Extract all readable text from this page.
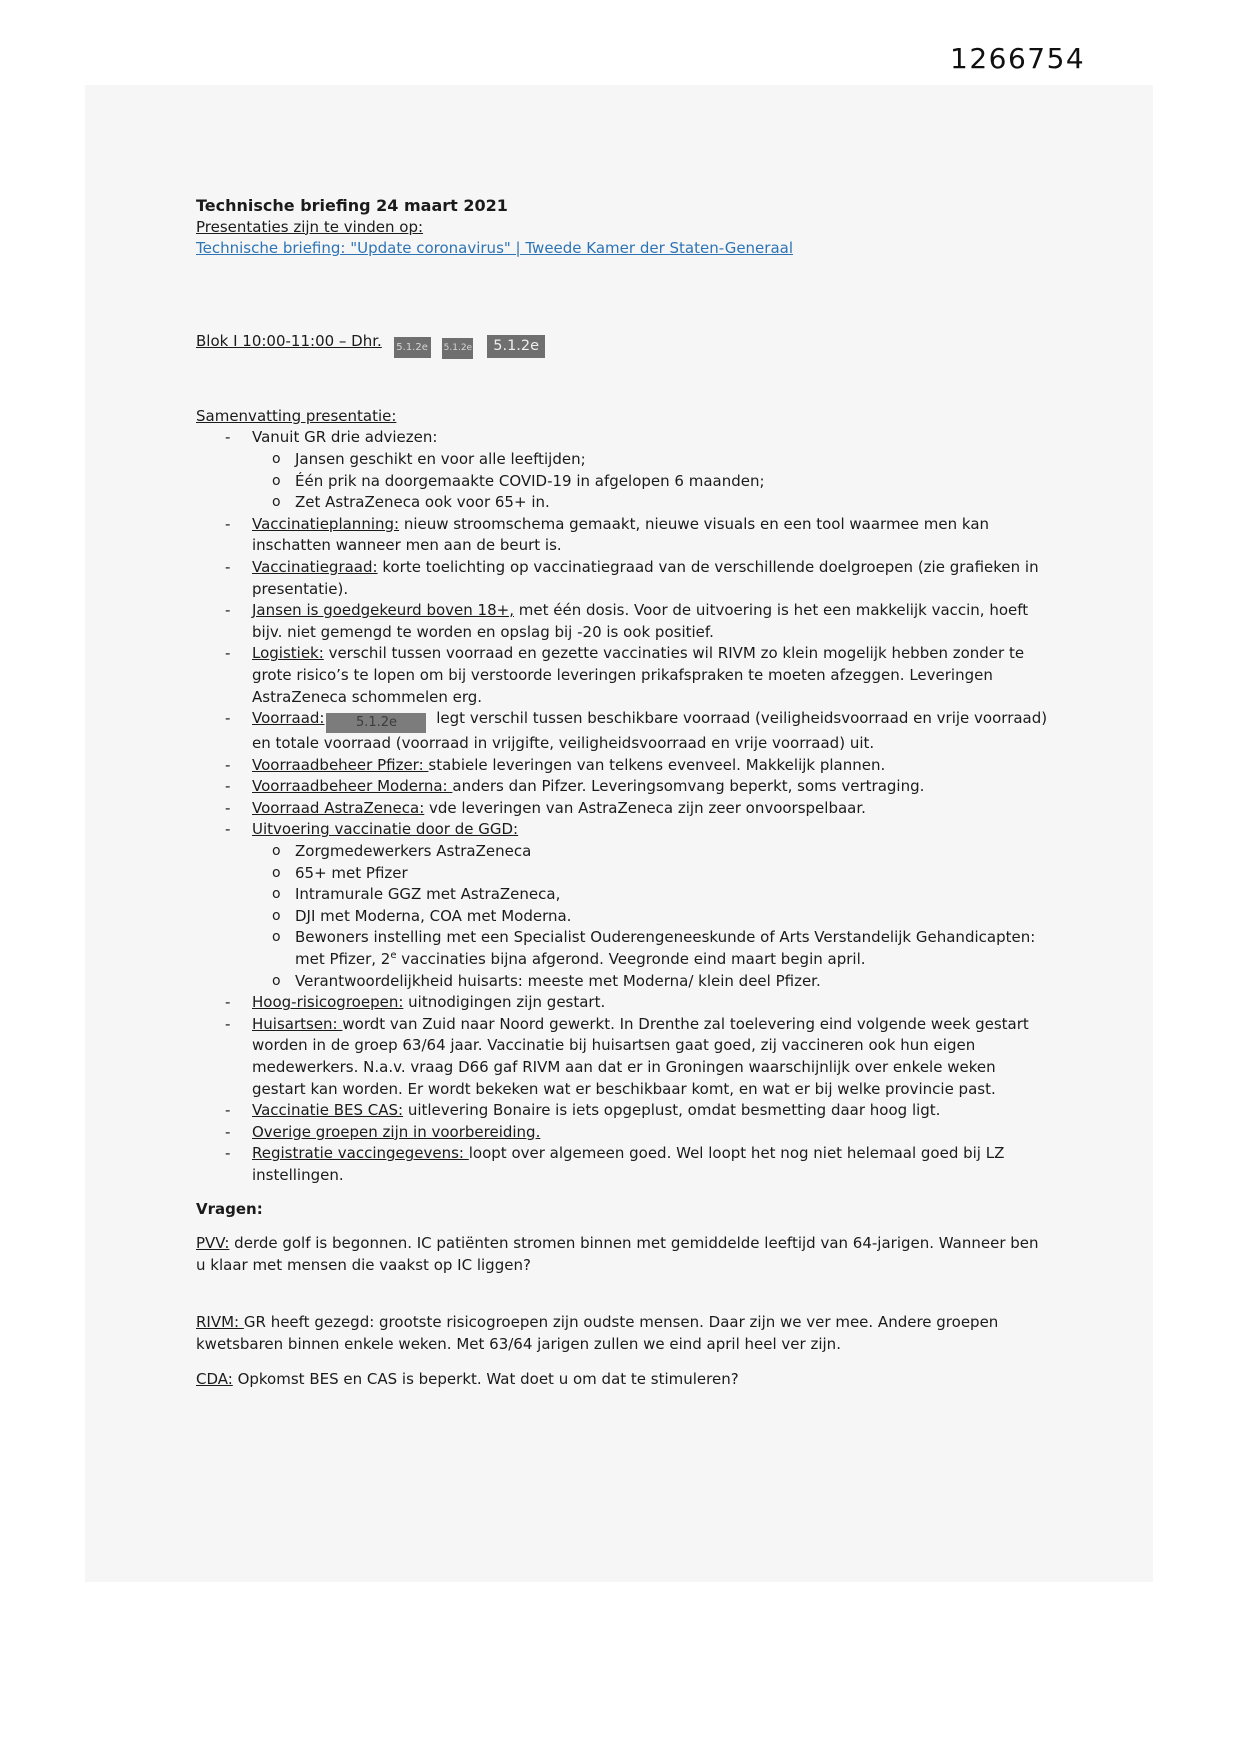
1266754
Technische briefing 24 maart 2021
Presentaties zijn te vinden op:
Technische briefing: "Update coronavirus" | Tweede Kamer der Staten-Generaal
Blok I 10:00-11:00 – Dhr. 5.1.2e 5.1.2e 5.1.2e
Samenvatting presentatie:
-	Vanuit GR drie adviezen:
o Jansen geschikt en voor alle leeftijden;
o Één prik na doorgemaakte COVID-19 in afgelopen 6 maanden;
o Zet AstraZeneca ook voor 65+ in.
-	Vaccinatieplanning: nieuw stroomschema gemaakt, nieuwe visuals en een tool waarmee men kan inschatten wanneer men aan de beurt is.
-	Vaccinatiegraad: korte toelichting op vaccinatiegraad van de verschillende doelgroepen (zie grafieken in presentatie).
-	Jansen is goedgekeurd boven 18+, met één dosis. Voor de uitvoering is het een makkelijk vaccin, hoeft bijv. niet gemengd te worden en opslag bij -20 is ook positief.
-	Logistiek: verschil tussen voorraad en gezette vaccinaties wil RIVM zo klein mogelijk hebben zonder te grote risico’s te lopen om bij verstoorde leveringen prikafspraken te moeten afzeggen. Leveringen AstraZeneca schommelen erg.
-	Voorraad: 5.1.2e legt verschil tussen beschikbare voorraad (veiligheidsvoorraad en vrije voorraad) en totale voorraad (voorraad in vrijgifte, veiligheidsvoorraad en vrije voorraad) uit.
-	Voorraadbeheer Pfizer: stabiele leveringen van telkens evenveel. Makkelijk plannen.
-	Voorraadbeheer Moderna: anders dan Pifzer. Leveringsomvang beperkt, soms vertraging.
-	Voorraad AstraZeneca: vde leveringen van AstraZeneca zijn zeer onvoorspelbaar.
-	Uitvoering vaccinatie door de GGD:
o Zorgmedewerkers AstraZeneca
o 65+ met Pfizer
o Intramurale GGZ met AstraZeneca,
o DJI met Moderna, COA met Moderna.
o Bewoners instelling met een Specialist Ouderengeneeskunde of Arts Verstandelijk Gehandicapten: met Pfizer, 2e vaccinaties bijna afgerond. Veegronde eind maart begin april.
o Verantwoordelijkheid huisarts: meeste met Moderna/ klein deel Pfizer.
-	Hoog-risicogroepen: uitnodigingen zijn gestart.
-	Huisartsen: wordt van Zuid naar Noord gewerkt. In Drenthe zal toelevering eind volgende week gestart worden in de groep 63/64 jaar. Vaccinatie bij huisartsen gaat goed, zij vaccineren ook hun eigen medewerkers. N.a.v. vraag D66 gaf RIVM aan dat er in Groningen waarschijnlijk over enkele weken gestart kan worden. Er wordt bekeken wat er beschikbaar komt, en wat er bij welke provincie past.
-	Vaccinatie BES CAS: uitlevering Bonaire is iets opgeplust, omdat besmetting daar hoog ligt.
-	Overige groepen zijn in voorbereiding.
-	Registratie vaccingegevens: loopt over algemeen goed. Wel loopt het nog niet helemaal goed bij LZ instellingen.
Vragen:
PVV: derde golf is begonnen. IC patiënten stromen binnen met gemiddelde leeftijd van 64-jarigen. Wanneer ben u klaar met mensen die vaakst op IC liggen?
RIVM: GR heeft gezegd: grootste risicogroepen zijn oudste mensen. Daar zijn we ver mee. Andere groepen kwetsbaren binnen enkele weken. Met 63/64 jarigen zullen we eind april heel ver zijn.
CDA: Opkomst BES en CAS is beperkt. Wat doet u om dat te stimuleren?
